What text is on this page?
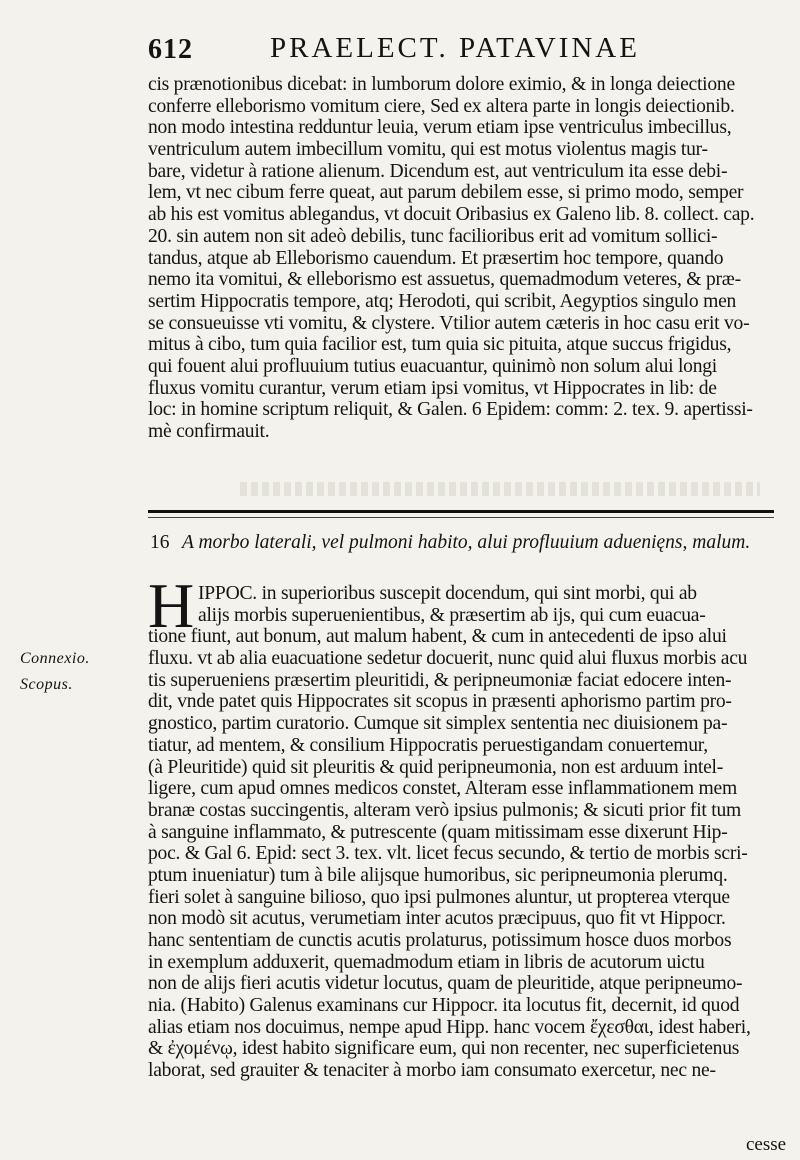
612	PRAELECT. PATAVINAE
cis prænotionibus dicebat: in lumborum dolore eximio, & in longa deiectione
conferre elleborismo vomitum ciere, Sed ex altera parte in longis deiectionib.
non modo intestina redduntur leuia, verum etiam ipse ventriculus imbecillus,
ventriculum autem imbecillum vomitu, qui est motus violentus magis tur-
bare, videtur à ratione alienum. Dicendum est, aut ventriculum ita esse debi-
lem, vt nec cibum ferre queat, aut parum debilem esse, si primo modo, semper
ab his est vomitus ablegandus, vt docuit Oribasius ex Galeno lib. 8. collect. cap.
20. sin autem non sit adeò debilis, tunc facilioribus erit ad vomitum sollici-
tandus, atque ab Elleborismo cauendum. Et præsertim hoc tempore, quando
nemo ita vomitui, & elleborismo est assuetus, quemadmodum veteres, & præ-
sertim Hippocratis tempore, atq; Herodoti, qui scribit, Aegyptios singulo men
se consueuisse vti vomitu, & clystere. Vtilior autem cæteris in hoc casu erit vo-
mitus à cibo, tum quia facilior est, tum quia sic pituita, atque succus frigidus,
qui fouent alui profluuium tutius euacuantur, quinimò non solum alui longi
fluxus vomitu curantur, verum etiam ipsi vomitus, vt Hippocrates in lib: de
loc: in homine scriptum reliquit, & Galen. 6 Epidem: comm: 2. tex. 9. apertissi-
mè confirmauit.
16 A morbo laterali, vel pulmoni habito, alui profluuium aduenięns, malum.
H IPPOC. in superioribus suscepit docendum, qui sint morbi, qui ab
alijs morbis superuenientibus, & præsertim ab ijs, qui cum euacua-
tione fiunt, aut bonum, aut malum habent, & cum in antecedenti de ipso alui
fluxu. vt ab alia euacuatione sedetur docuerit, nunc quid alui fluxus morbis acu
tis superueniens præsertim pleuritidi, & peripneumoniæ faciat edocere inten-
dit, vnde patet quis Hippocrates sit scopus in præsenti aphorismo partim pro-
gnostico, partim curatorio. Cumque sit simplex sententia nec diuisionem pa-
tiatur, ad mentem, & consilium Hippocratis peruestigandam conuertemur,
(à Pleuritide) quid sit pleuritis & quid peripneumonia, non est arduum intel-
ligere, cum apud omnes medicos constet, Alteram esse inflammationem mem
branæ costas succingentis, alteram verò ipsius pulmonis; & sicuti prior fit tum
à sanguine inflammato, & putrescente (quam mitissimam esse dixerunt Hip-
poc. & Gal 6. Epid: sect 3. tex. vlt. licet fecus secundo, & tertio de morbis scri-
ptum inueniatur) tum à bile alijsque humoribus, sic peripneumonia plerumq.
fieri solet à sanguine bilioso, quo ipsi pulmones aluntur, ut propterea vterque
non modò sit acutus, verumetiam inter acutos præcipuus, quo fit vt Hippocr.
hanc sententiam de cunctis acutis prolaturus, potissimum hosce duos morbos
in exemplum adduxerit, quemadmodum etiam in libris de acutorum uictu
non de alijs fieri acutis videtur locutus, quam de pleuritide, atque peripneumo-
nia. (Habito) Galenus examinans cur Hippocr. ita locutus fit, decernit, id quod
alias etiam nos docuimus, nempe apud Hipp. hanc vocem ἔχεσθαι, idest haberi,
& ἐχομένῳ, idest habito significare eum, qui non recenter, nec superficietenus
laborat, sed grauiter & tenaciter à morbo iam consumato exercetur, nec ne-
Connexio.
Scopus.
cesse
